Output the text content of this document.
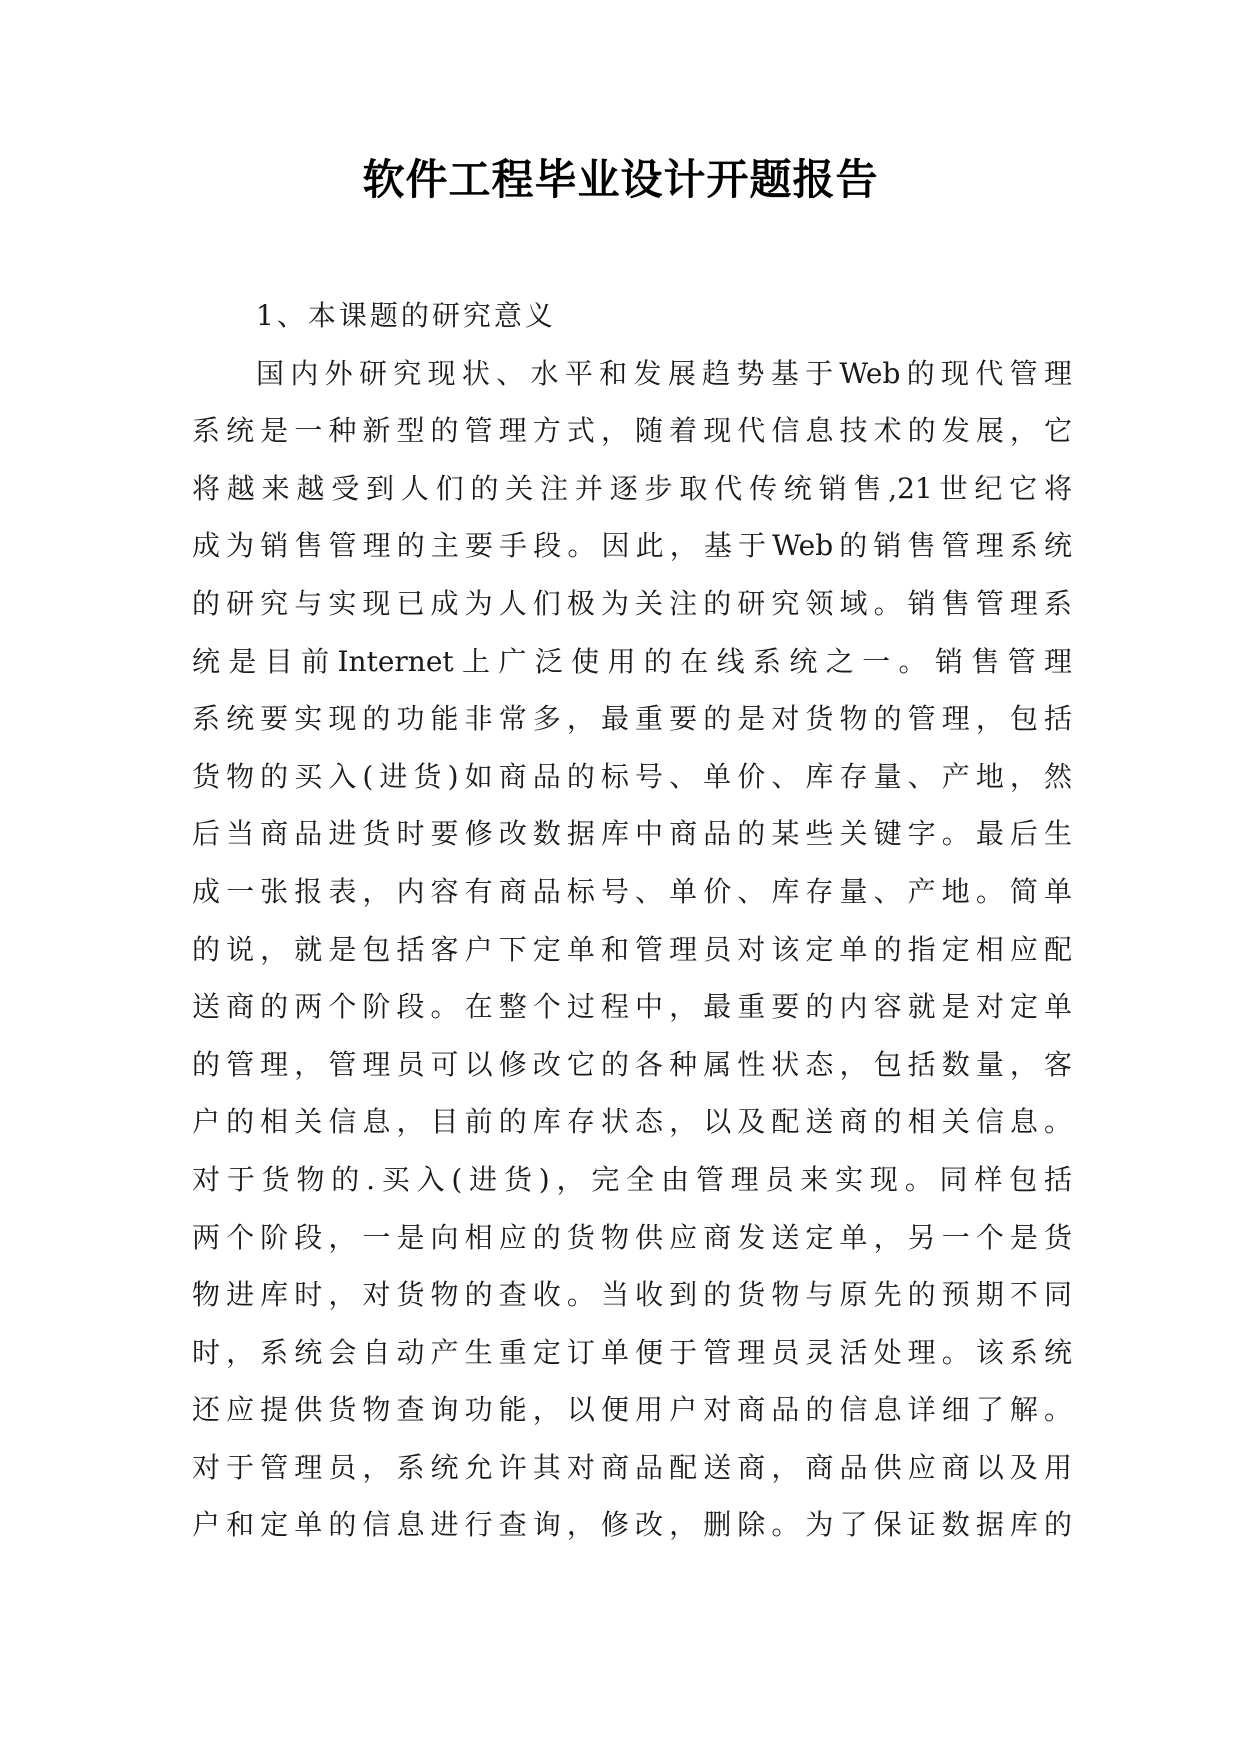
软件工程毕业设计开题报告
1、本课题的研究意义
国内外研究现状、水平和发展趋势基于Web的现代管理
系统是一种新型的管理方式，随着现代信息技术的发展，它
将越来越受到人们的关注并逐步取代传统销售,21世纪它将
成为销售管理的主要手段。因此，基于Web的销售管理系统
的研究与实现已成为人们极为关注的研究领域。销售管理系
统是目前Internet上广泛使用的在线系统之一。销售管理
系统要实现的功能非常多，最重要的是对货物的管理，包括
货物的买入(进货)如商品的标号、单价、库存量、产地，然
后当商品进货时要修改数据库中商品的某些关键字。最后生
成一张报表，内容有商品标号、单价、库存量、产地。简单
的说，就是包括客户下定单和管理员对该定单的指定相应配
送商的两个阶段。在整个过程中，最重要的内容就是对定单
的管理，管理员可以修改它的各种属性状态，包括数量，客
户的相关信息，目前的库存状态，以及配送商的相关信息。
对于货物的.买入(进货)，完全由管理员来实现。同样包括
两个阶段，一是向相应的货物供应商发送定单，另一个是货
物进库时，对货物的查收。当收到的货物与原先的预期不同
时，系统会自动产生重定订单便于管理员灵活处理。该系统
还应提供货物查询功能，以便用户对商品的信息详细了解。
对于管理员，系统允许其对商品配送商，商品供应商以及用
户和定单的信息进行查询，修改，删除。为了保证数据库的
